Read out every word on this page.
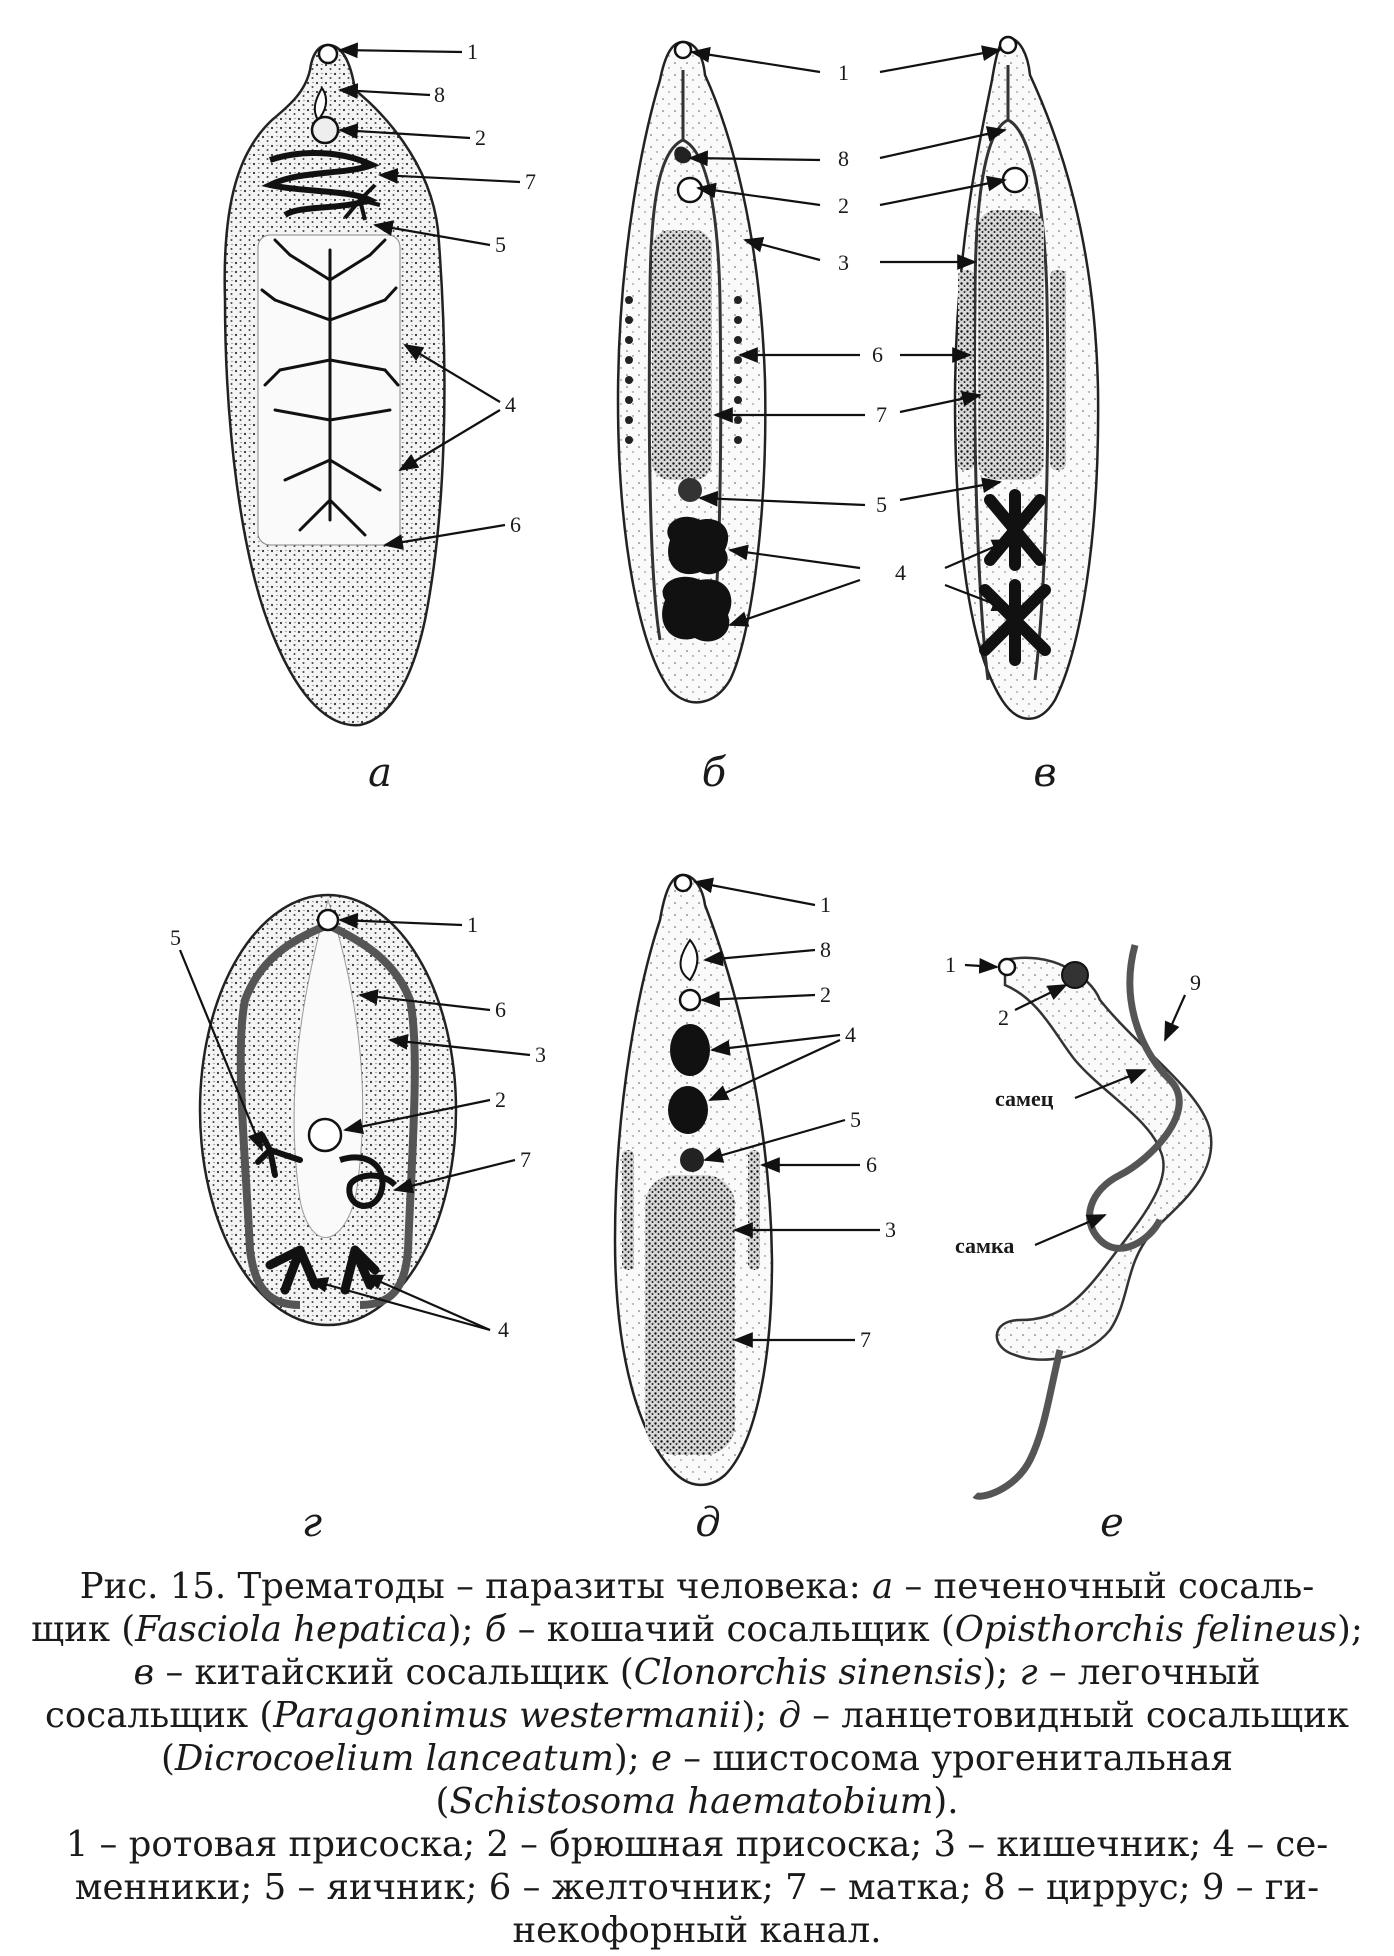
1
8
2
7
5
4
6
1
8
2
3
6
7
5
4
1
5
6
3
2
7
4
1
8
2
4
5
6
3
7
1
2
9
самец
самка
а	б	в
г	д	е
Рис. 15. Трематоды – паразиты человека: а – печеночный сосаль-
щик (Fasciola hepatica); б – кошачий сосальщик (Opisthorchis felineus);
в – китайский сосальщик (Clonorchis sinensis); г – легочный
сосальщик (Paragonimus westermanii); д – ланцетовидный сосальщик
(Dicrocoelium lanceatum); е – шистосома урогенитальная
(Schistosoma haematobium).
1 – ротовая присоска; 2 – брюшная присоска; 3 – кишечник; 4 – се-
менники; 5 – яичник; 6 – желточник; 7 – матка; 8 – циррус; 9 – ги-
некофорный канал.
